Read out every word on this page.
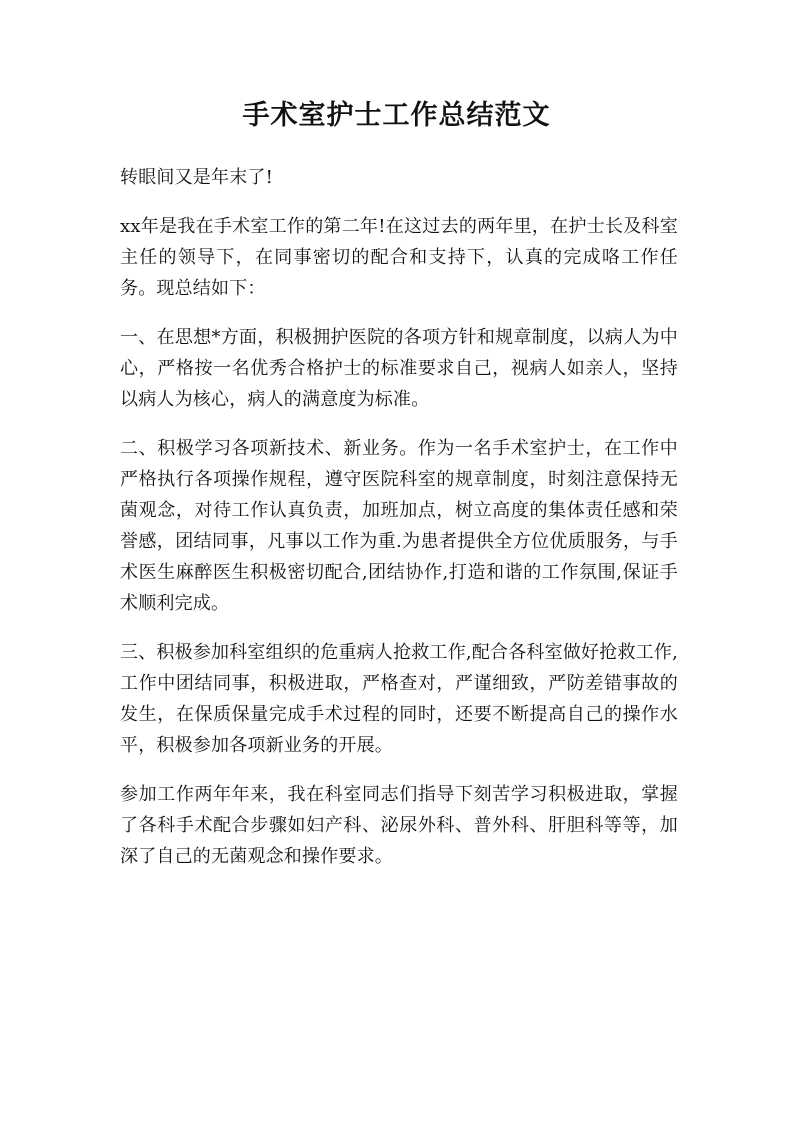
手术室护士工作总结范文

转眼间又是年末了!

xx年是我在手术室工作的第二年!在这过去的两年里，在护士长及科室主任的领导下，在同事密切的配合和支持下，认真的完成咯工作任务。现总结如下：

一、在思想*方面，积极拥护医院的各项方针和规章制度，以病人为中心，严格按一名优秀合格护士的标准要求自己，视病人如亲人，坚持以病人为核心，病人的满意度为标准。

二、积极学习各项新技术、新业务。作为一名手术室护士，在工作中严格执行各项操作规程，遵守医院科室的规章制度，时刻注意保持无菌观念，对待工作认真负责，加班加点，树立高度的集体责任感和荣誉感，团结同事，凡事以工作为重.为患者提供全方位优质服务，与手术医生麻醉医生积极密切配合,团结协作,打造和谐的工作氛围,保证手术顺利完成。

三、积极参加科室组织的危重病人抢救工作,配合各科室做好抢救工作,工作中团结同事，积极进取，严格查对，严谨细致，严防差错事故的发生，在保质保量完成手术过程的同时，还要不断提高自己的操作水平，积极参加各项新业务的开展。

参加工作两年年来，我在科室同志们指导下刻苦学习积极进取，掌握了各科手术配合步骤如妇产科、泌尿外科、普外科、肝胆科等等，加深了自己的无菌观念和操作要求。
